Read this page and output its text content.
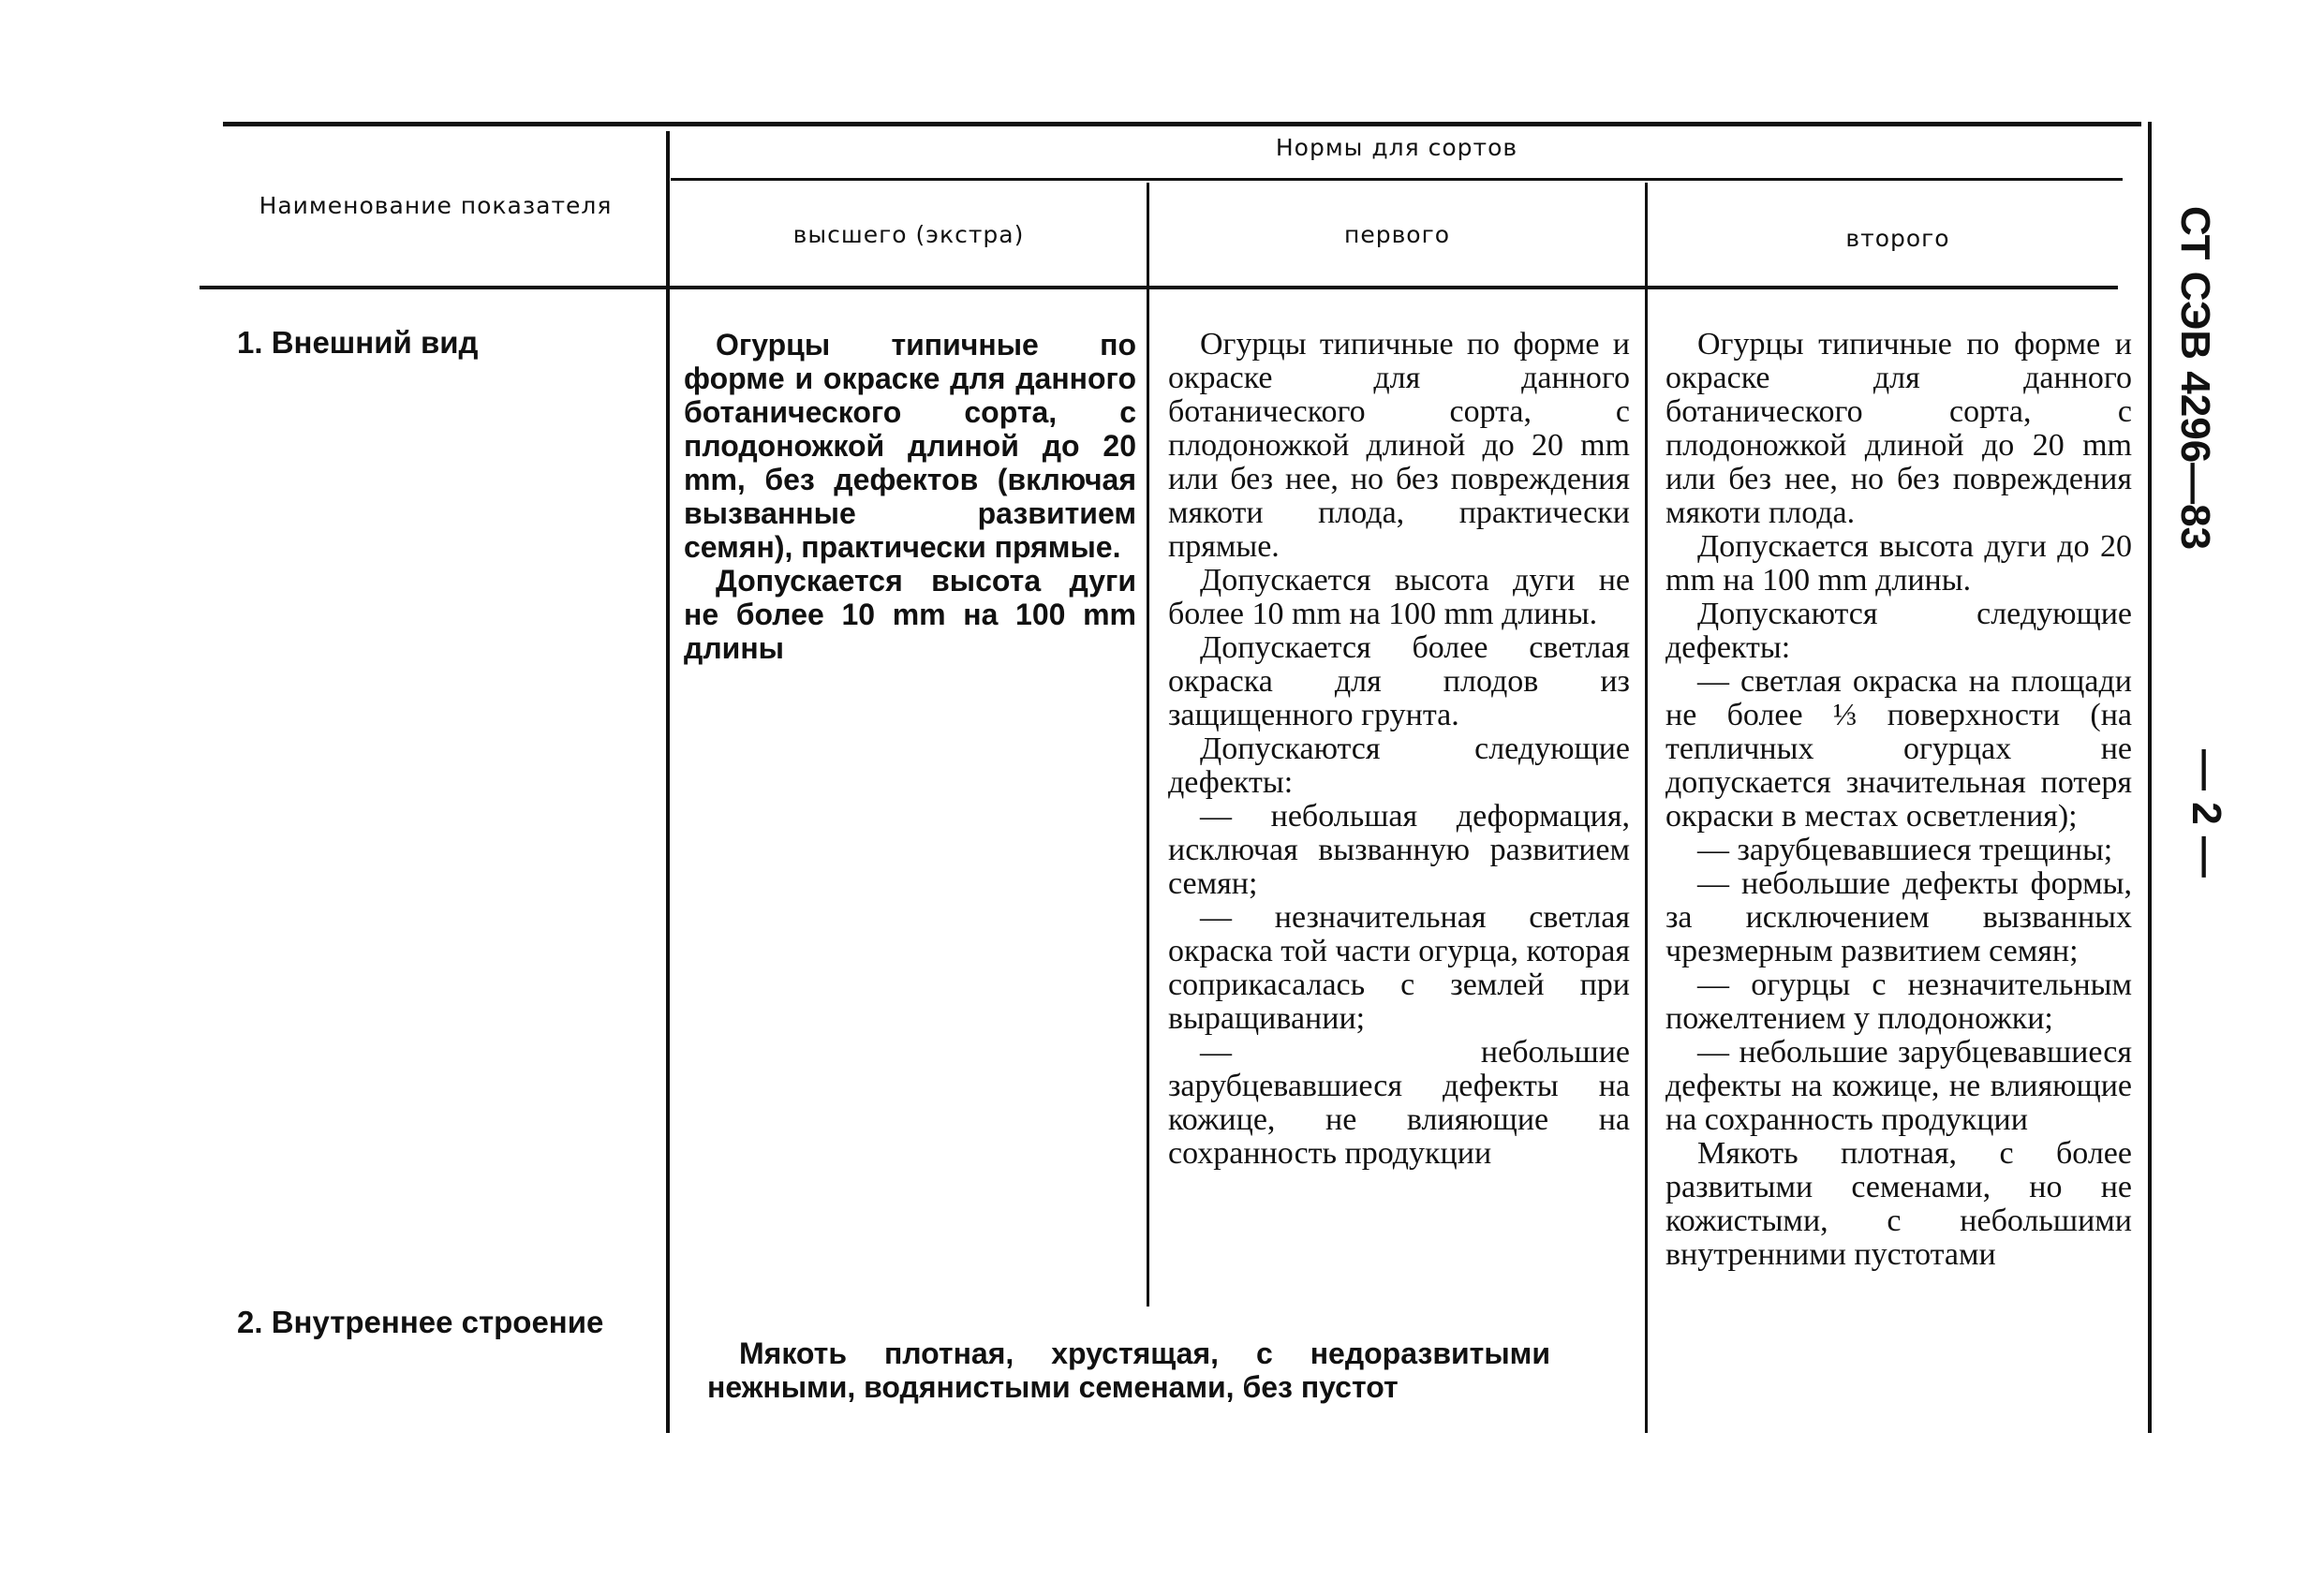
Наименование показателя
Нормы для сортов
высшего (экстра)	первого	второго
1. Внешний вид
2. Внутреннее строение

Огурцы типичные по форме и окраске для данного ботанического сорта, с плодоножкой длиной до 20 mm, без дефектов (включая вызванные развитием семян), практически прямые.

Допускается высота дуги не более 10 mm на 100 mm длины

Огурцы типичные по форме и окраске для данного ботанического сорта, с плодоножкой длиной до 20 mm или без нее, но без повреждения мякоти плода, практически прямые.

Допускается высота дуги не более 10 mm на 100 mm длины.

Допускается более светлая окраска для плодов из защищенного грунта.

Допускаются следующие дефекты:

— небольшая деформация, исключая вызванную развитием семян;

— незначительная светлая окраска той части огурца, которая соприкасалась с землей при выращивании;

— небольшие зарубцевавшиеся дефекты на кожице, не влияющие на сохранность продукции

Огурцы типичные по форме и окраске для данного ботанического сорта, с плодоножкой длиной до 20 mm или без нее, но без повреждения мякоти плода.

Допускается высота дуги до 20 mm на 100 mm длины.

Допускаются следующие дефекты:

— светлая окраска на площади не более ⅓ поверхности (на тепличных огурцах не допускается значительная потеря окраски в местах осветления);

— зарубцевавшиеся трещины;

— небольшие дефекты формы, за исключением вызванных чрезмерным развитием семян;

— огурцы с незначительным пожелтением у плодоножки;

— небольшие зарубцевавшиеся дефекты на кожице, не влияющие на сохранность продукции

Мякоть плотная, с более развитыми семенами, но не кожистыми, с небольшими внутренними пустотами

Мякоть плотная, хрустящая, с недоразвитыми нежными, водянистыми семенами, без пустот

СТ СЭВ 4296—83
— 2 —
